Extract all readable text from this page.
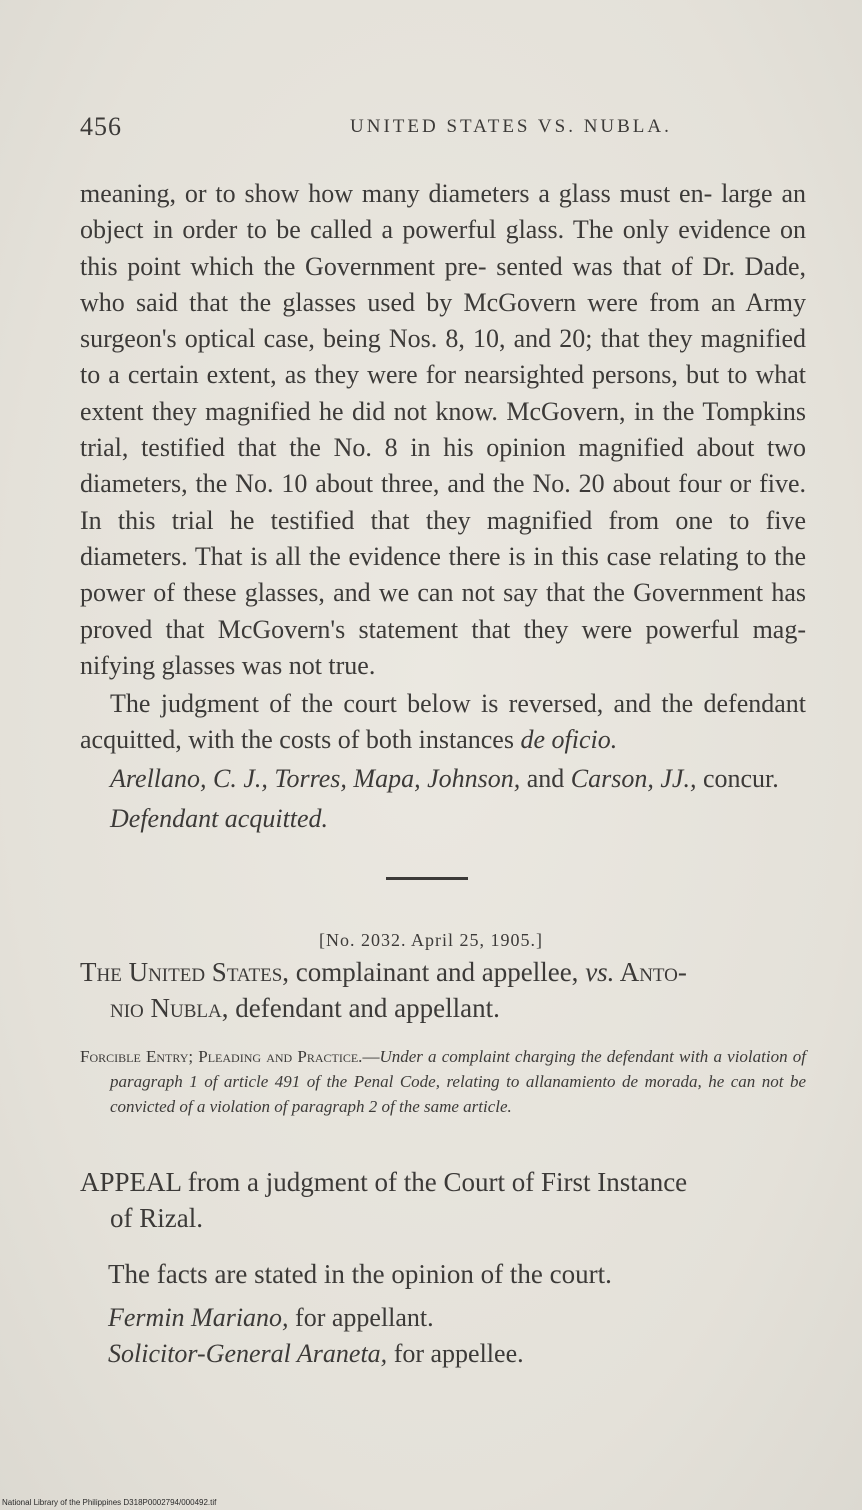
456	UNITED STATES VS. NUBLA.

meaning, or to show how many diameters a glass must en- large an object in order to be called a powerful glass. The only evidence on this point which the Government pre- sented was that of Dr. Dade, who said that the glasses used by McGovern were from an Army surgeon's optical case, being Nos. 8, 10, and 20; that they magnified to a certain extent, as they were for nearsighted persons, but to what extent they magnified he did not know. McGovern, in the Tompkins trial, testified that the No. 8 in his opinion magnified about two diameters, the No. 10 about three, and the No. 20 about four or five. In this trial he testified that they magnified from one to five diameters. That is all the evidence there is in this case relating to the power of these glasses, and we can not say that the Government has proved that McGovern's statement that they were powerful mag- nifying glasses was not true.

The judgment of the court below is reversed, and the defendant acquitted, with the costs of both instances de oficio.

Arellano, C. J., Torres, Mapa, Johnson, and Carson, JJ., concur.

Defendant acquitted.

[No. 2032. April 25, 1905.]

The United States, complainant and appellee, vs. Anto-

nio Nubla, defendant and appellant.

Forcible Entry; Pleading and Practice.—Under a complaint charging the defendant with a violation of paragraph 1 of article 491 of the Penal Code, relating to allanamiento de morada, he can not be convicted of a violation of paragraph 2 of the same article.

APPEAL from a judgment of the Court of First Instance

of Rizal.

The facts are stated in the opinion of the court.

Fermin Mariano, for appellant.

Solicitor-General Araneta, for appellee.

National Library of the Philippines D318P0002794/000492.tif
